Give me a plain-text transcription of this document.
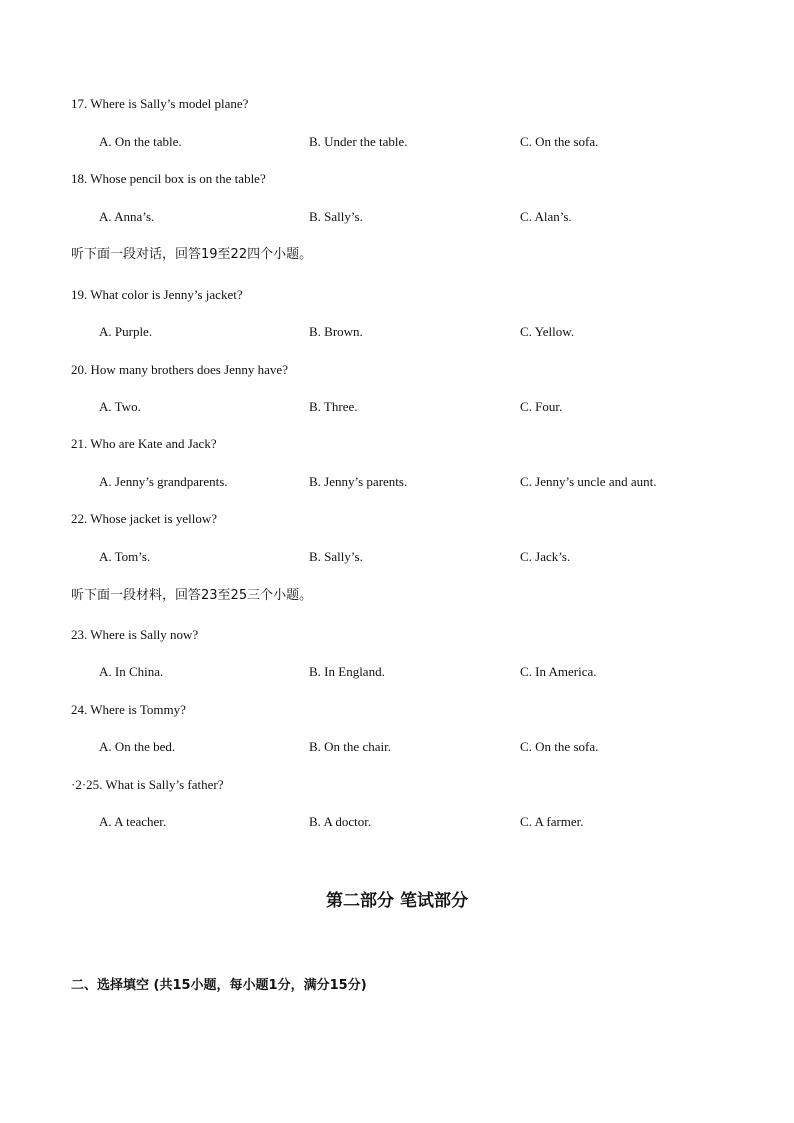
17. Where is Sally’s model plane?
A. On the table.	B. Under the table.	C. On the sofa.
18. Whose pencil box is on the table?
A. Anna’s.	B. Sally’s.	C. Alan’s.
听下面一段对话，回答19至22四个小题。
19. What color is Jenny’s jacket?
A. Purple.	B. Brown.	C. Yellow.
20. How many brothers does Jenny have?
A. Two.	B. Three.	C. Four.
21. Who are Kate and Jack?
A. Jenny’s grandparents.	B. Jenny’s parents.	C. Jenny’s uncle and aunt.
22. Whose jacket is yellow?
A. Tom’s.	B. Sally’s.	C. Jack’s.
听下面一段材料，回答23至25三个小题。
23. Where is Sally now?
A. In China.	B. In England.	C. In America.
24. Where is Tommy?
A. On the bed.	B. On the chair.	C. On the sofa.
·2·25. What is Sally’s father?
A. A teacher.	B. A doctor.	C. A farmer.
第二部分 笔试部分
二、选择填空 (共15小题，每小题1分，满分15分)
